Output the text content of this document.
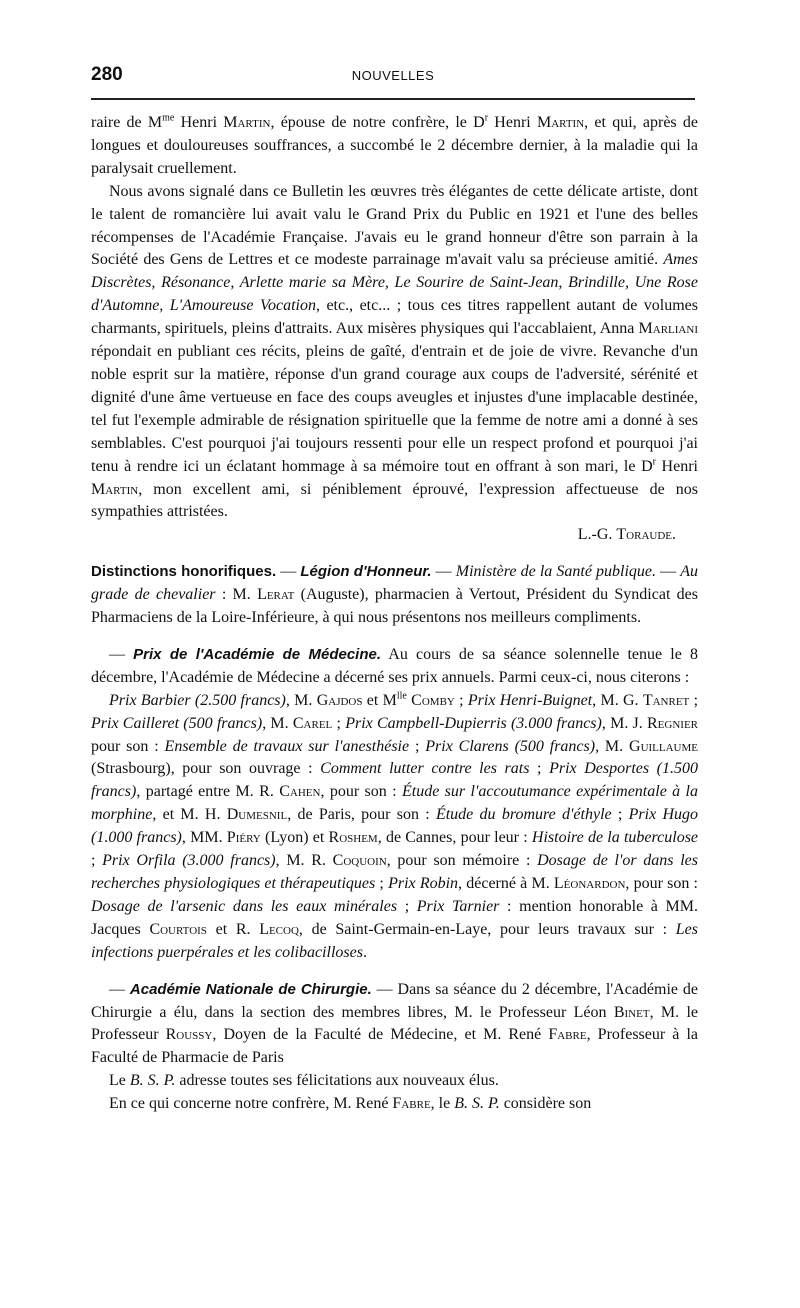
280	NOUVELLES

raire de $M^{me}$ Henri Martin, épouse de notre confrère, le $D^r$ Henri Martin, et qui, après de longues et douloureuses souffrances, a succombé le 2 décembre dernier, à la maladie qui la paralysait cruellement.

Nous avons signalé dans ce Bulletin les œuvres très élégantes de cette délicate artiste, dont le talent de romancière lui avait valu le Grand Prix du Public en 1921 et l'une des belles récompenses de l'Académie Française. J'avais eu le grand honneur d'être son parrain à la Société des Gens de Lettres et ce modeste parrainage m'avait valu sa précieuse amitié. Ames Discrètes, Résonance, Arlette marie sa Mère, Le Sourire de Saint-Jean, Brindille, Une Rose d'Automne, L'Amoureuse Vocation, etc., etc... ; tous ces titres rappellent autant de volumes charmants, spirituels, pleins d'attraits. Aux misères physiques qui l'accablaient, Anna Marliani répondait en publiant ces récits, pleins de gaîté, d'entrain et de joie de vivre. Revanche d'un noble esprit sur la matière, réponse d'un grand courage aux coups de l'adversité, sérénité et dignité d'une âme vertueuse en face des coups aveugles et injustes d'une implacable destinée, tel fut l'exemple admirable de résignation spirituelle que la femme de notre ami a donné à ses semblables. C'est pourquoi j'ai toujours ressenti pour elle un respect profond et pourquoi j'ai tenu à rendre ici un éclatant hommage à sa mémoire tout en offrant à son mari, le $D^r$ Henri Martin, mon excellent ami, si péniblement éprouvé, l'expression affectueuse de nos sympathies attristées.

L.-G. Toraude.

Distinctions honorifiques. — Légion d'Honneur. — Ministère de la Santé publique. — Au grade de chevalier : M. Lerat (Auguste), pharmacien à Vertout, Président du Syndicat des Pharmaciens de la Loire-Inférieure, à qui nous présentons nos meilleurs compliments.

— Prix de l'Académie de Médecine. Au cours de sa séance solennelle tenue le 8 décembre, l'Académie de Médecine a décerné ses prix annuels. Parmi ceux-ci, nous citerons :

Prix Barbier (2.500 francs), M. Gajdos et $M^{lle}$ Comby ; Prix Henri-Buignet, M. G. Tanret ; Prix Cailleret (500 francs), M. Carel ; Prix Campbell-Dupierris (3.000 francs), M. J. Regnier pour son : Ensemble de travaux sur l'anesthésie ; Prix Clarens (500 francs), M. Guillaume (Strasbourg), pour son ouvrage : Comment lutter contre les rats ; Prix Desportes (1.500 francs), partagé entre M. R. Cahen, pour son : Étude sur l'accoutumance expérimentale à la morphine, et M. H. Dumesnil, de Paris, pour son : Étude du bromure d'éthyle ; Prix Hugo (1.000 francs), MM. Piéry (Lyon) et Roshem, de Cannes, pour leur : Histoire de la tuberculose ; Prix Orfila (3.000 francs), M. R. Coquoin, pour son mémoire : Dosage de l'or dans les recherches physiologiques et thérapeutiques ; Prix Robin, décerné à M. Léonardon, pour son : Dosage de l'arsenic dans les eaux minérales ; Prix Tarnier : mention honorable à MM. Jacques Courtois et R. Lecoq, de Saint-Germain-en-Laye, pour leurs travaux sur : Les infections puerpérales et les colibacilloses.

— Académie Nationale de Chirurgie. — Dans sa séance du 2 décembre, l'Académie de Chirurgie a élu, dans la section des membres libres, M. le Professeur Léon Binet, M. le Professeur Roussy, Doyen de la Faculté de Médecine, et M. René Fabre, Professeur à la Faculté de Pharmacie de Paris

Le B. S. P. adresse toutes ses félicitations aux nouveaux élus.

En ce qui concerne notre confrère, M. René Fabre, le B. S. P. considère son
